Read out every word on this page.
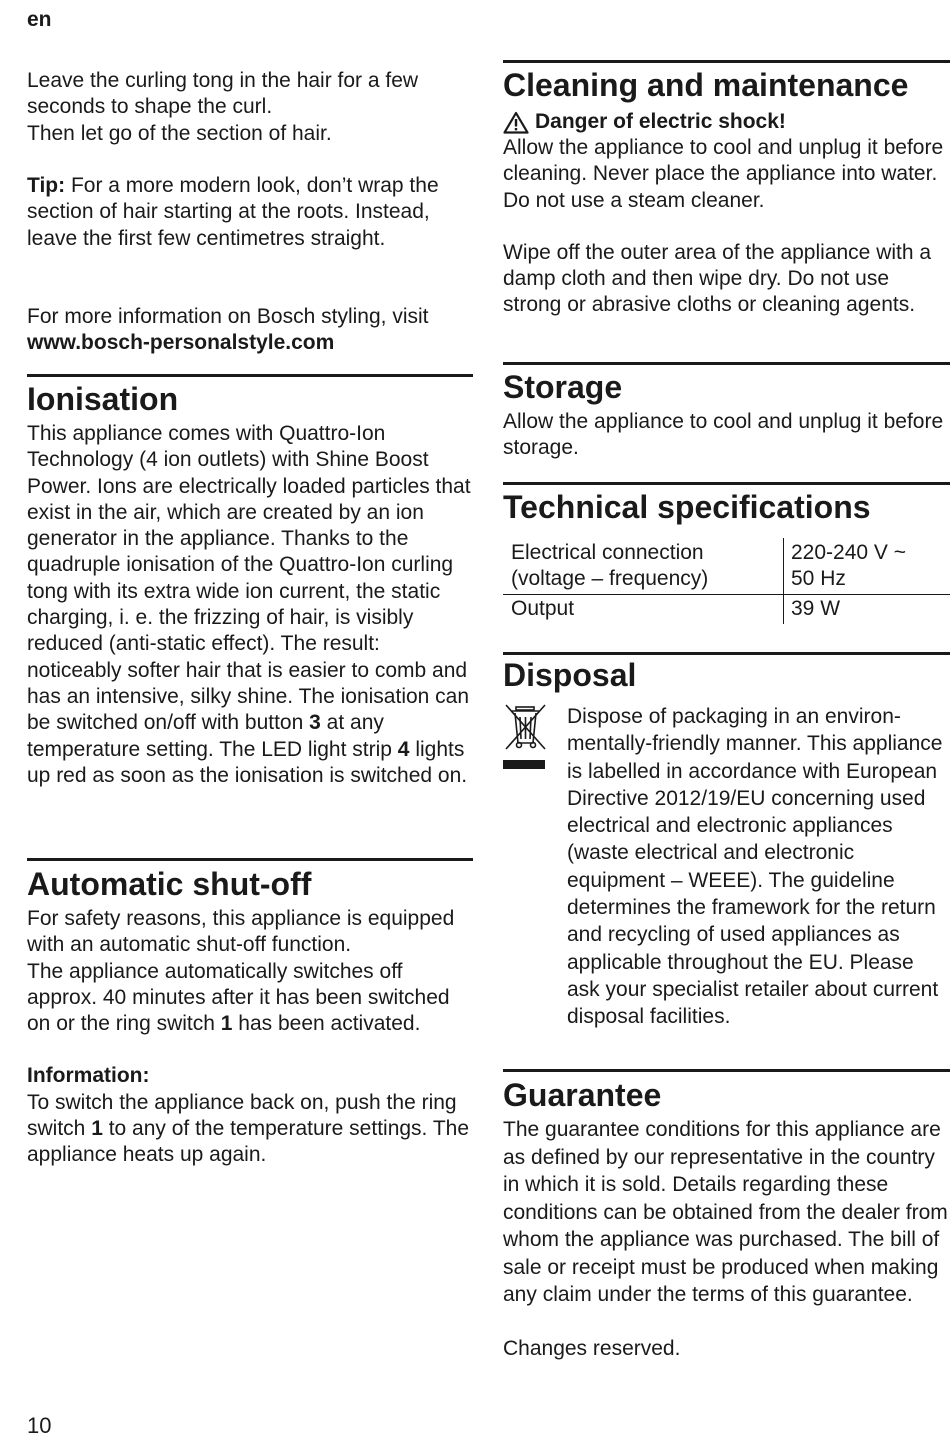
en

Leave the curling tong in the hair for a few seconds to shape the curl.

Then let go of the section of hair.

Tip: For a more modern look, don’t wrap the section of hair starting at the roots. Instead, leave the first few centimetres straight.

For more information on Bosch styling, visit

www.bosch-personalstyle.com

Ionisation

This appliance comes with Quattro-Ion Technology (4 ion outlets) with Shine Boost Power. Ions are electrically loaded particles that exist in the air, which are created by an ion generator in the appliance. Thanks to the quadruple ionisation of the Quattro-Ion curling tong with its extra wide ion current, the static charging, i. e. the frizzing of hair, is visibly reduced (anti-static effect). The result: noticeably softer hair that is easier to comb and has an intensive, silky shine. The ionisation can be switched on/off with button 3 at any temperature setting. The LED light strip 4 lights up red as soon as the ionisation is switched on.

Automatic shut-off

For safety reasons, this appliance is equipped with an automatic shut-off function.

The appliance automatically switches off approx. 40 minutes after it has been switched on or the ring switch 1 has been activated.

Information:

To switch the appliance back on, push the ring switch 1 to any of the temperature settings. The appliance heats up again.

Cleaning and maintenance
Danger of electric shock!

Allow the appliance to cool and unplug it before cleaning. Never place the appliance into water. Do not use a steam cleaner.

Wipe off the outer area of the appliance with a damp cloth and then wipe dry. Do not use strong or abrasive cloths or cleaning agents.

Storage

Allow the appliance to cool and unplug it before storage.

Technical specifications
Electrical connection
(voltage – frequency)
220-240 V ~
50 Hz
Output	39 W
Disposal

Dispose of packaging in an environmentally-friendly manner. This appliance is labelled in accordance with European Directive 2012/19/EU concerning used electrical and electronic appliances (waste electrical and electronic equipment – WEEE). The guideline determines the framework for the return and recycling of used appliances as applicable throughout the EU. Please ask your specialist retailer about current disposal facilities.

Guarantee

The guarantee conditions for this appliance are as defined by our representative in the country in which it is sold. Details regarding these conditions can be obtained from the dealer from whom the appliance was purchased. The bill of sale or receipt must be produced when making any claim under the terms of this guarantee.

Changes reserved.

10
